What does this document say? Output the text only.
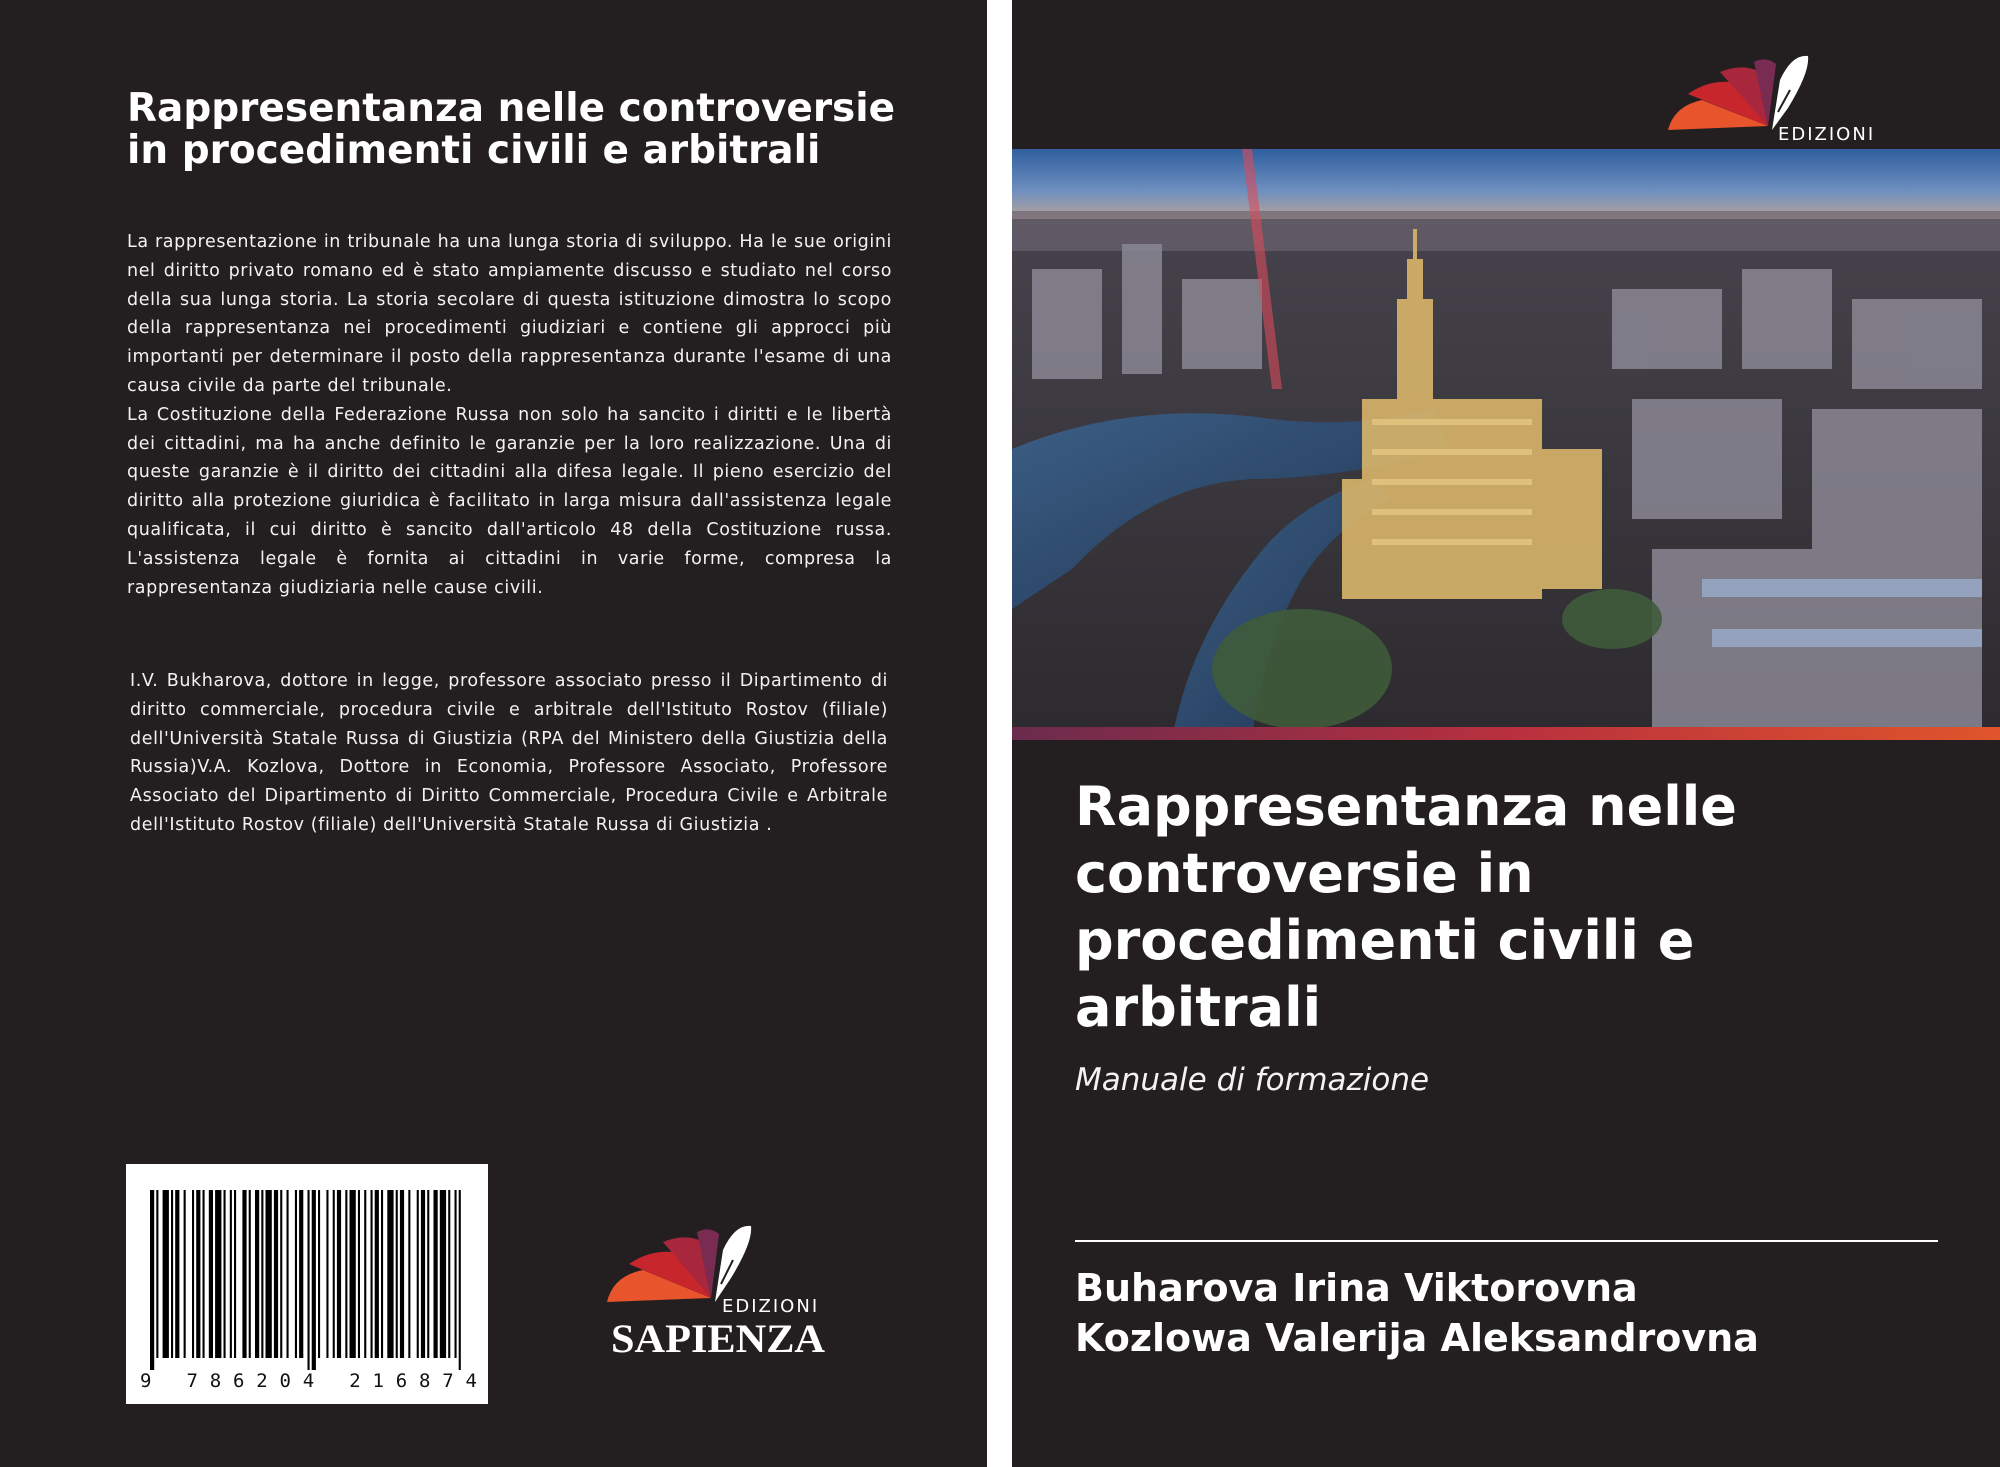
Rappresentanza nelle controversie in procedimenti civili e arbitrali

La rappresentazione in tribunale ha una lunga storia di sviluppo. Ha le sue origini nel diritto privato romano ed è stato ampiamente discusso e studiato nel corso della sua lunga storia. La storia secolare di questa istituzione dimostra lo scopo della rappresentanza nei procedimenti giudiziari e contiene gli approcci più importanti per determinare il posto della rappresentanza durante l'esame di una causa civile da parte del tribunale.

La Costituzione della Federazione Russa non solo ha sancito i diritti e le libertà dei cittadini, ma ha anche definito le garanzie per la loro realizzazione. Una di queste garanzie è il diritto dei cittadini alla difesa legale. Il pieno esercizio del diritto alla protezione giuridica è facilitato in larga misura dall'assistenza legale qualificata, il cui diritto è sancito dall'articolo 48 della Costituzione russa. L'assistenza legale è fornita ai cittadini in varie forme, compresa la rappresentanza giudiziaria nelle cause civili.

I.V. Bukharova, dottore in legge, professore associato presso il Dipartimento di diritto commerciale, procedura civile e arbitrale dell'Istituto Rostov (filiale) dell'Università Statale Russa di Giustizia (RPA del Ministero della Giustizia della Russia)V.A. Kozlova, Dottore in Economia, Professore Associato, Professore Associato del Dipartimento di Diritto Commerciale, Procedura Civile e Arbitrale dell'Istituto Rostov (filiale) dell'Università Statale Russa di Giustizia .

9 786204 216874
EDIZIONI
SAPIENZA
EDIZIONI
Rappresentanza nelle controversie in procedimenti civili e arbitrali
Manuale di formazione
Buharova Irina Viktorovna
Kozlowa Valerija Aleksandrovna
